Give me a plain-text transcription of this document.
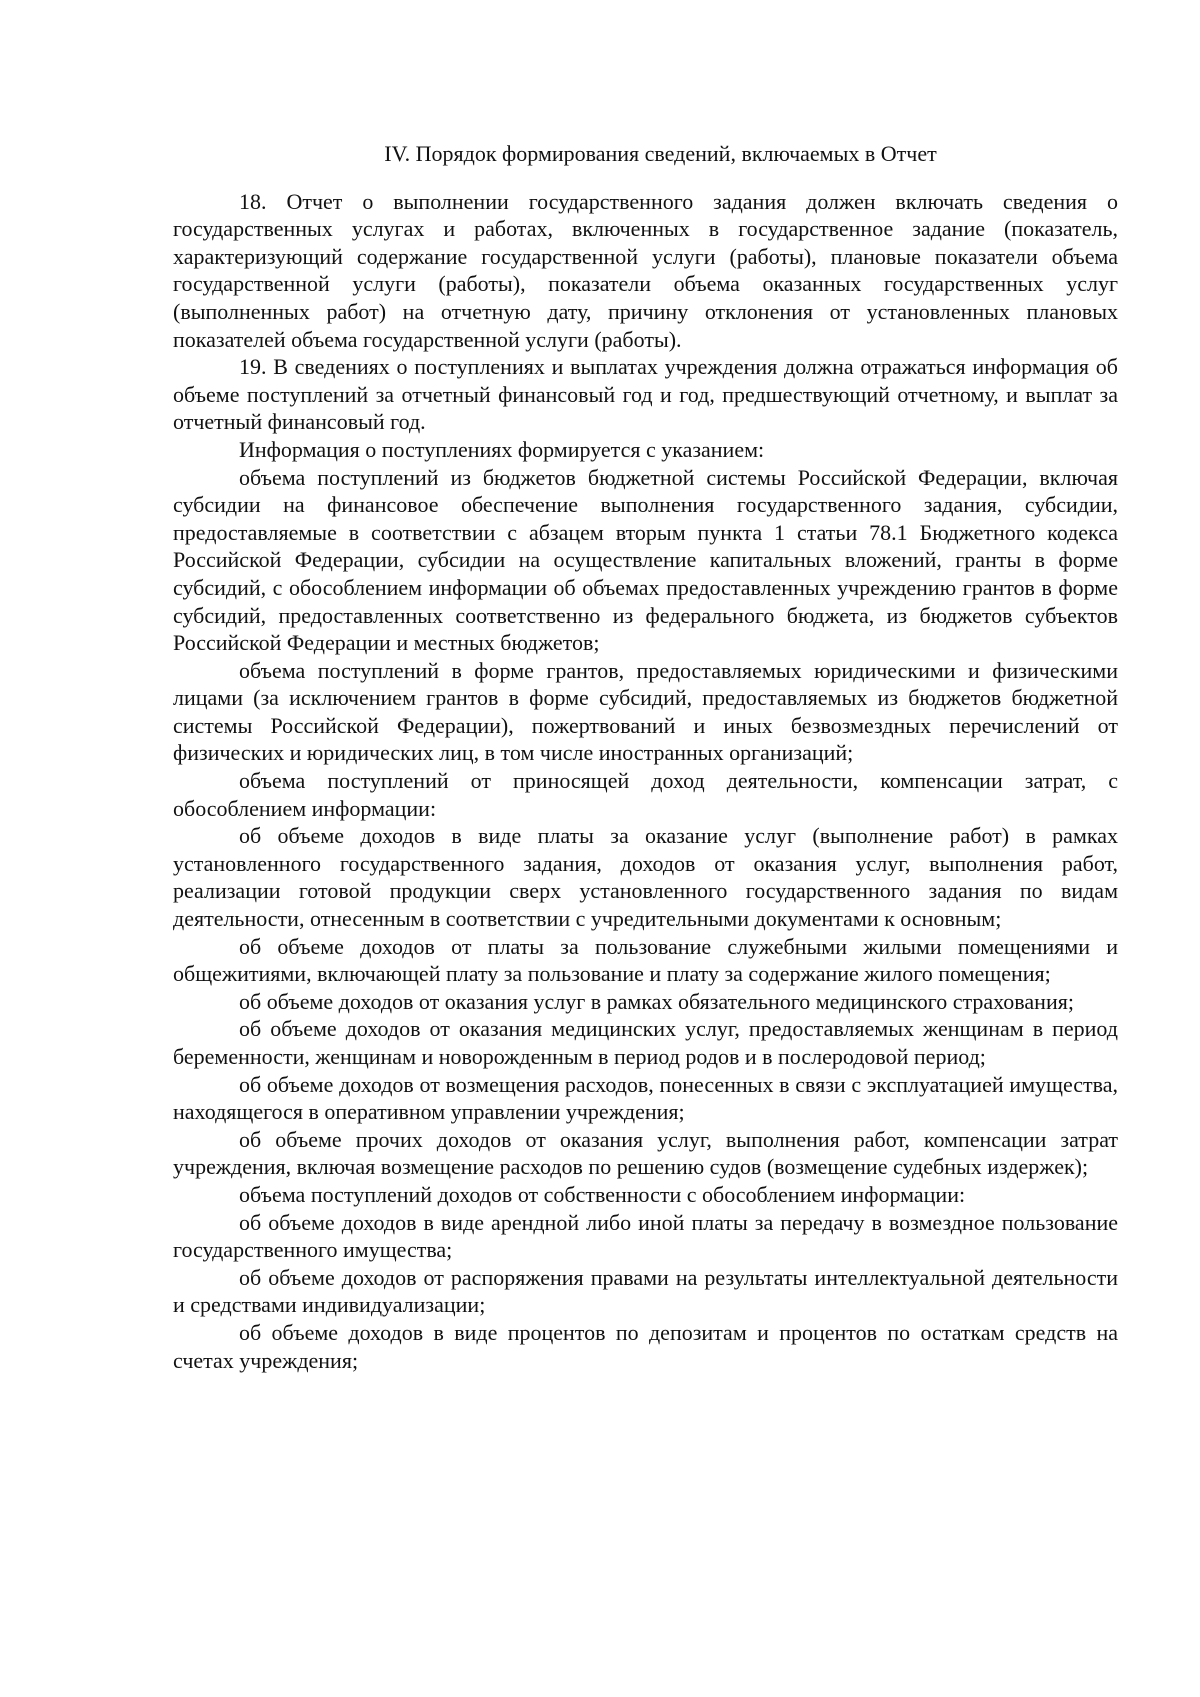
IV. Порядок формирования сведений, включаемых в Отчет

18. Отчет о выполнении государственного задания должен включать сведения о государственных услугах и работах, включенных в государственное задание (показатель, характеризующий содержание государственной услуги (работы), плановые показатели объема государственной услуги (работы), показатели объема оказанных государственных услуг (выполненных работ) на отчетную дату, причину отклонения от установленных плановых показателей объема государственной услуги (работы).

19. В сведениях о поступлениях и выплатах учреждения должна отражаться информация об объеме поступлений за отчетный финансовый год и год, предшествующий отчетному, и выплат за отчетный финансовый год.

Информация о поступлениях формируется с указанием:

объема поступлений из бюджетов бюджетной системы Российской Федерации, включая субсидии на финансовое обеспечение выполнения государственного задания, субсидии, предоставляемые в соответствии с абзацем вторым пункта 1 статьи 78.1 Бюджетного кодекса Российской Федерации, субсидии на осуществление капитальных вложений, гранты в форме субсидий, с обособлением информации об объемах предоставленных учреждению грантов в форме субсидий, предоставленных соответственно из федерального бюджета, из бюджетов субъектов Российской Федерации и местных бюджетов;

объема поступлений в форме грантов, предоставляемых юридическими и физическими лицами (за исключением грантов в форме субсидий, предоставляемых из бюджетов бюджетной системы Российской Федерации), пожертвований и иных безвозмездных перечислений от физических и юридических лиц, в том числе иностранных организаций;

объема поступлений от приносящей доход деятельности, компенсации затрат, с обособлением информации:

об объеме доходов в виде платы за оказание услуг (выполнение работ) в рамках установленного государственного задания, доходов от оказания услуг, выполнения работ, реализации готовой продукции сверх установленного государственного задания по видам деятельности, отнесенным в соответствии с учредительными документами к основным;

об объеме доходов от платы за пользование служебными жилыми помещениями и общежитиями, включающей плату за пользование и плату за содержание жилого помещения;

об объеме доходов от оказания услуг в рамках обязательного медицинского страхования;

об объеме доходов от оказания медицинских услуг, предоставляемых женщинам в период беременности, женщинам и новорожденным в период родов и в послеродовой период;

об объеме доходов от возмещения расходов, понесенных в связи с эксплуатацией имущества, находящегося в оперативном управлении учреждения;

об объеме прочих доходов от оказания услуг, выполнения работ, компенсации затрат учреждения, включая возмещение расходов по решению судов (возмещение судебных издержек);

объема поступлений доходов от собственности с обособлением информации:

об объеме доходов в виде арендной либо иной платы за передачу в возмездное пользование государственного имущества;

об объеме доходов от распоряжения правами на результаты интеллектуальной деятельности и средствами индивидуализации;

об объеме доходов в виде процентов по депозитам и процентов по остаткам средств на счетах учреждения;
